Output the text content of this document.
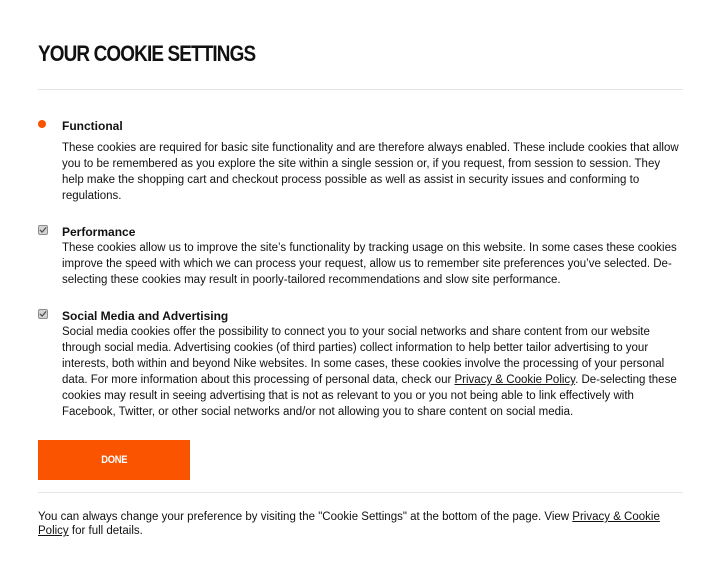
YOUR COOKIE SETTINGS
Functional
These cookies are required for basic site functionality and are therefore always enabled. These include cookies that allow you to be remembered as you explore the site within a single session or, if you request, from session to session. They help make the shopping cart and checkout process possible as well as assist in security issues and conforming to regulations.
Performance
These cookies allow us to improve the site’s functionality by tracking usage on this website. In some cases these cookies improve the speed with which we can process your request, allow us to remember site preferences you’ve selected. De-selecting these cookies may result in poorly-tailored recommendations and slow site performance.
Social Media and Advertising
Social media cookies offer the possibility to connect you to your social networks and share content from our website through social media. Advertising cookies (of third parties) collect information to help better tailor advertising to your interests, both within and beyond Nike websites. In some cases, these cookies involve the processing of your personal data. For more information about this processing of personal data, check our Privacy & Cookie Policy. De-selecting these cookies may result in seeing advertising that is not as relevant to you or you not being able to link effectively with Facebook, Twitter, or other social networks and/or not allowing you to share content on social media.
DONE
You can always change your preference by visiting the "Cookie Settings" at the bottom of the page. View Privacy & Cookie Policy for full details.
